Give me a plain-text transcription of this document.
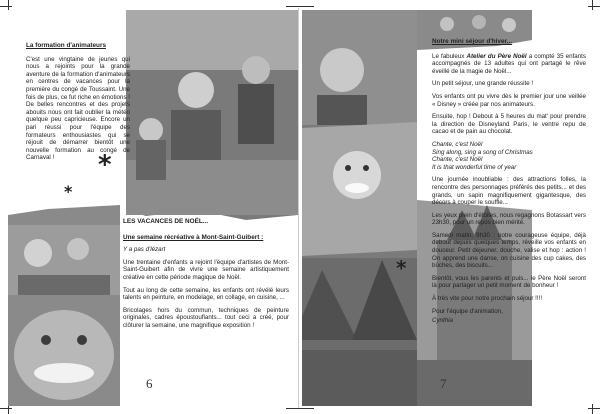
La formation d'animateurs

C'est une vingtaine de jeunes qui nous a rejoints pour la grande aventure de la formation d'animateurs en centres de vacances pour la première du congé de Toussaint. Une fois de plus, ce fut riche en émotions ! De belles rencontres et des projets abouits nous ont fait oublier la météo quelque peu capricieuse. Encore un pari réussi pour l'équipe des formateurs enthousiastes qui se réjouit de démarrer bientôt une nouvelle formation au congé de Carnaval !	*
*

LES VACANCES DE NOËL...

Une semaine récréative à Mont-Saint-Guibert :

Y a pas d'lézart

Une trentaine d'enfants a rejoint l'équipe d'artistes de Mont-Saint-Guibert afin de vivre une semaine artistiquement créative en cette période magique de Noël.

Tout au long de cette semaine, les enfants ont révélé leurs talents en peinture, en modelage, en collage, en cuisine, ...

Bricolages hors du commun, techniques de peinture originales, cadres époustouflants... tout ceci a créé, pour clôturer la semaine, une magnifique exposition !

6
*

Notre mini séjour d'hiver...

Le fabuleux Atelier du Père Noël a compté 35 enfants accompagnés de 13 adultes qui ont partagé le rêve éveillé de la magie de Noël...

Un petit séjour, une grande réussite !

Vos enfants ont pu vivre dès le premier jour une veillée « Disney » créée par nos animateurs.

Ensuite, hop ! Debout à 5 heures du mat' pour prendre la direction de Disneyland Paris, le ventre repu de cacao et de pain au chocolat.

Chante, c'est Noël
Sing along, sing a song of Christmas
Chante, c'est Noël
It is that wonderful time of year

Une journée inoubliable : des attractions folles, la rencontre des personnages préférés des petits... et des grands, un sapin magnifiquement gigantesque, des décors à couper le souffle...

Les yeux plein d'étoiles, nous regagnons Botassart vers 23h30, pour un repos bien mérité.

Samedi matin, 9h30 : notre courageuse équipe, déjà debout depuis quelques temps, réveille vos enfants en douceur. Petit déjeuner, douche, valise et hop : action ! On apprend une danse, on cuisine des cup cakes, des bûches, des biscuits...

Bientôt, vous les parents et puis... le Père Noël seront là pour partager un petit moment de bonheur !

À très vite pour notre prochain séjour !!!!

Pour l'équipe d'animation,

Cynthia

7
